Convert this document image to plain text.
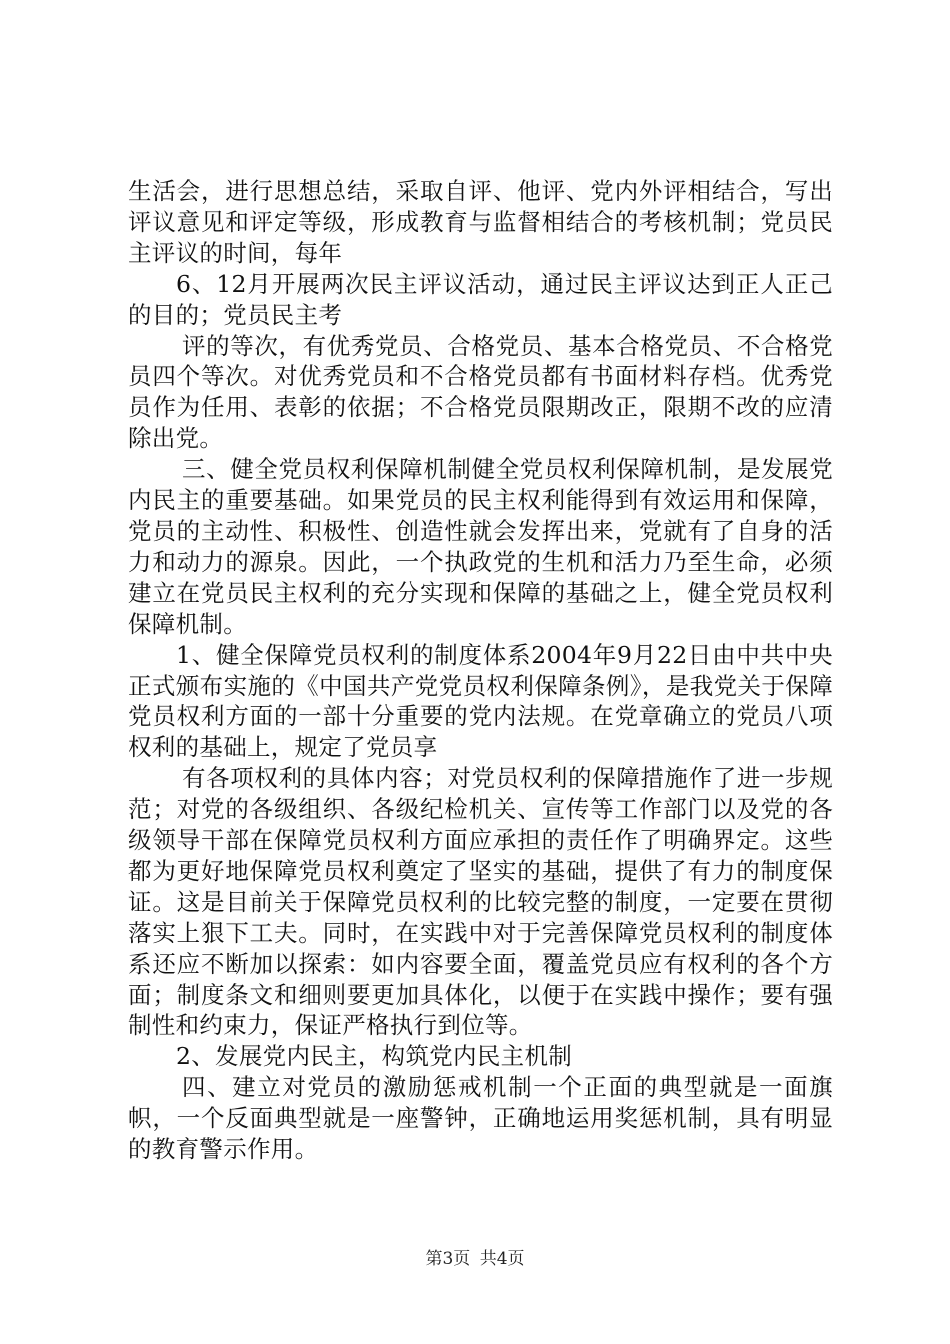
生活会，进行思想总结，采取自评、他评、党内外评相结合，写出评议意见和评定等级，形成教育与监督相结合的考核机制；党员民主评议的时间，每年

6、12月开展两次民主评议活动，通过民主评议达到正人正己的目的；党员民主考

评的等次，有优秀党员、合格党员、基本合格党员、不合格党员四个等次。对优秀党员和不合格党员都有书面材料存档。优秀党员作为任用、表彰的依据；不合格党员限期改正，限期不改的应清除出党。

三、健全党员权利保障机制健全党员权利保障机制，是发展党内民主的重要基础。如果党员的民主权利能得到有效运用和保障，党员的主动性、积极性、创造性就会发挥出来，党就有了自身的活力和动力的源泉。因此，一个执政党的生机和活力乃至生命，必须建立在党员民主权利的充分实现和保障的基础之上，健全党员权利保障机制。

1、健全保障党员权利的制度体系2004年9月22日由中共中央正式颁布实施的《中国共产党党员权利保障条例》，是我党关于保障党员权利方面的一部十分重要的党内法规。在党章确立的党员八项权利的基础上，规定了党员享

有各项权利的具体内容；对党员权利的保障措施作了进一步规范；对党的各级组织、各级纪检机关、宣传等工作部门以及党的各级领导干部在保障党员权利方面应承担的责任作了明确界定。这些都为更好地保障党员权利奠定了坚实的基础，提供了有力的制度保证。这是目前关于保障党员权利的比较完整的制度，一定要在贯彻落实上狠下工夫。同时，在实践中对于完善保障党员权利的制度体系还应不断加以探索：如内容要全面，覆盖党员应有权利的各个方面；制度条文和细则要更加具体化，以便于在实践中操作；要有强制性和约束力，保证严格执行到位等。

2、发展党内民主，构筑党内民主机制

四、建立对党员的激励惩戒机制一个正面的典型就是一面旗帜，一个反面典型就是一座警钟，正确地运用奖惩机制，具有明显的教育警示作用。

第3页 共4页
